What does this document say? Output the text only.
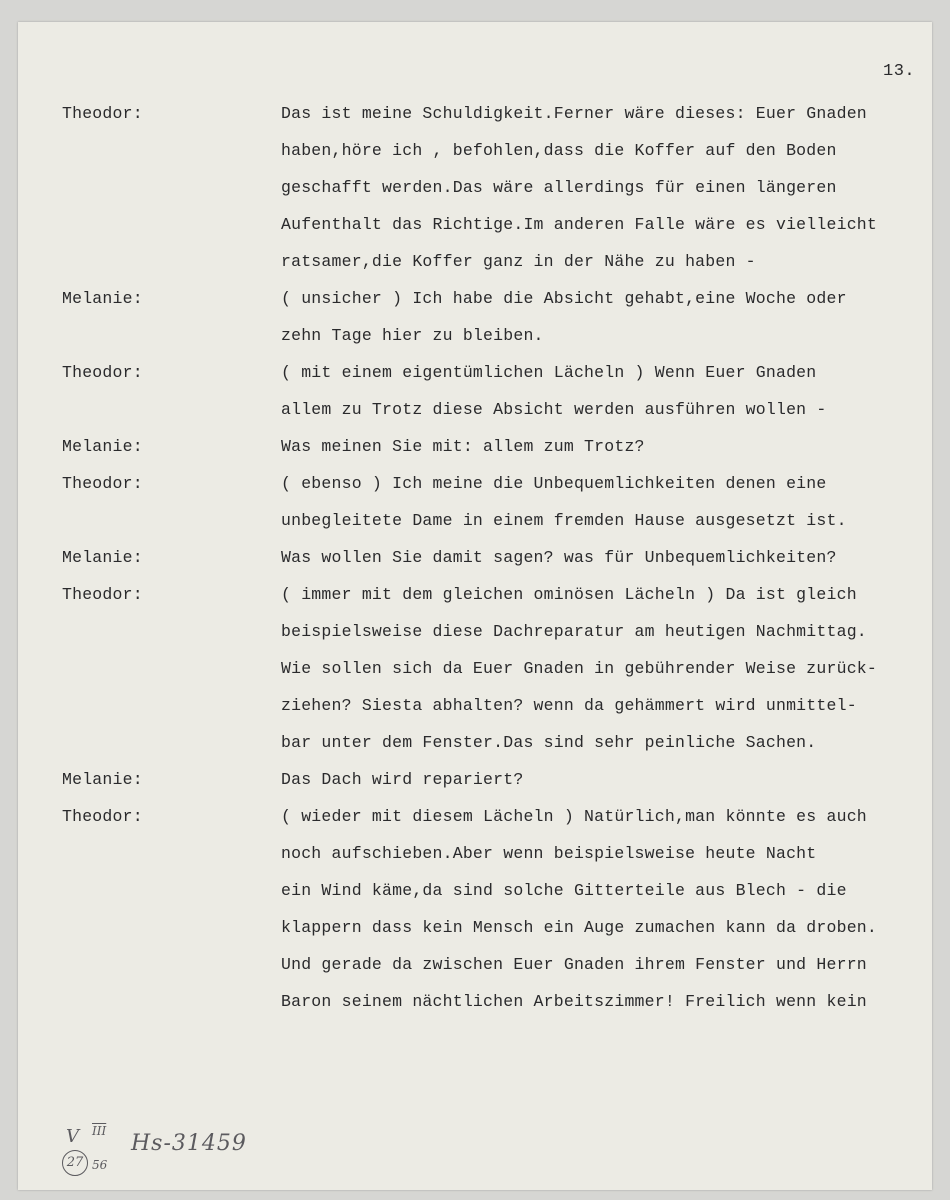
13.
Theodor:
Melanie:
Theodor:
Melanie:
Theodor:
Melanie:
Theodor:
Melanie:
Theodor:
Das ist meine Schuldigkeit.Ferner wäre dieses: Euer Gnaden
haben,höre ich , befohlen,dass die Koffer auf den Boden
geschafft werden.Das wäre allerdings für einen längeren
Aufenthalt das Richtige.Im anderen Falle wäre es vielleicht
ratsamer,die Koffer ganz in der Nähe zu haben -
( unsicher ) Ich habe die Absicht gehabt,eine Woche oder
zehn Tage hier zu bleiben.
( mit einem eigentümlichen Lächeln ) Wenn Euer Gnaden
allem zu Trotz diese Absicht werden ausführen wollen -
Was meinen Sie mit: allem zum Trotz?
( ebenso ) Ich meine die Unbequemlichkeiten denen eine
unbegleitete Dame in einem fremden Hause ausgesetzt ist.
Was wollen Sie damit sagen? was für Unbequemlichkeiten?
( immer mit dem gleichen ominösen Lächeln ) Da ist gleich
beispielsweise diese Dachreparatur am heutigen Nachmittag.
Wie sollen sich da Euer Gnaden in gebührender Weise zurück-
ziehen? Siesta abhalten? wenn da gehämmert wird unmittel-
bar unter dem Fenster.Das sind sehr peinliche Sachen.
Das Dach wird repariert?
( wieder mit diesem Lächeln ) Natürlich,man könnte es auch
noch aufschieben.Aber wenn beispielsweise heute Nacht
ein Wind käme,da sind solche Gitterteile aus Blech - die
klappern dass kein Mensch ein Auge zumachen kann da droben.
Und gerade da zwischen Euer Gnaden ihrem Fenster und Herrn
Baron seinem nächtlichen Arbeitszimmer! Freilich wenn kein
V $\overline{III}$
27 56
Hs-31459
